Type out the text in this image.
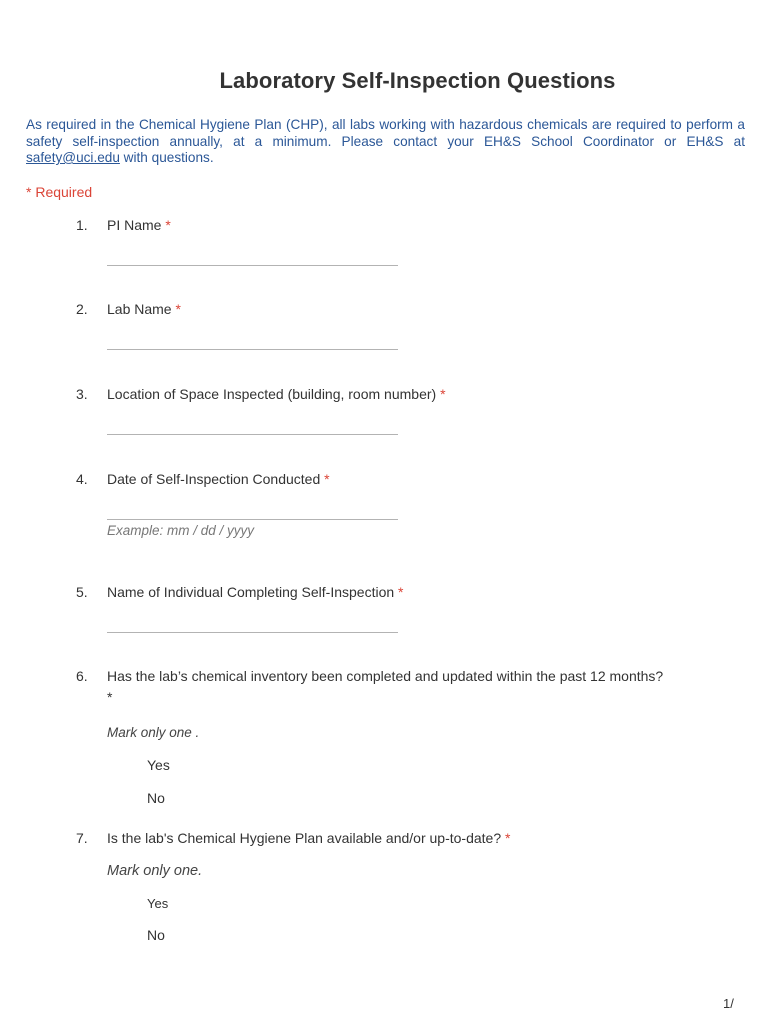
Laboratory Self-Inspection Questions
As required in the Chemical Hygiene Plan (CHP), all labs working with hazardous chemicals are required to perform a safety self-inspection annually, at a minimum. Please contact your EH&S School Coordinator or EH&S at safety@uci.edu with questions.
* Required
1. PI Name *
2. Lab Name *
3. Location of Space Inspected (building, room number) *
4. Date of Self-Inspection Conducted *
Example: mm / dd / yyyy
5. Name of Individual Completing Self-Inspection *
6. Has the lab’s chemical inventory been completed and updated within the past 12 months?
*
Mark only one .
Yes
No
7. Is the lab's Chemical Hygiene Plan available and/or up-to-date? *
Mark only one.
Yes
No
1/
